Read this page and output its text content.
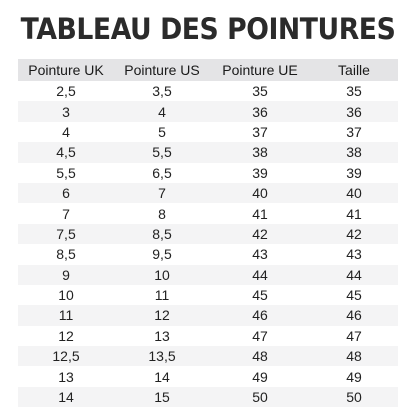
TABLEAU DES POINTURES
Pointure UK	Pointure US	Pointure UE	Taille
2,5	3,5	35	35
3	4	36	36
4	5	37	37
4,5	5,5	38	38
5,5	6,5	39	39
6	7	40	40
7	8	41	41
7,5	8,5	42	42
8,5	9,5	43	43
9	10	44	44
10	11	45	45
11	12	46	46
12	13	47	47
12,5	13,5	48	48
13	14	49	49
14	15	50	50
